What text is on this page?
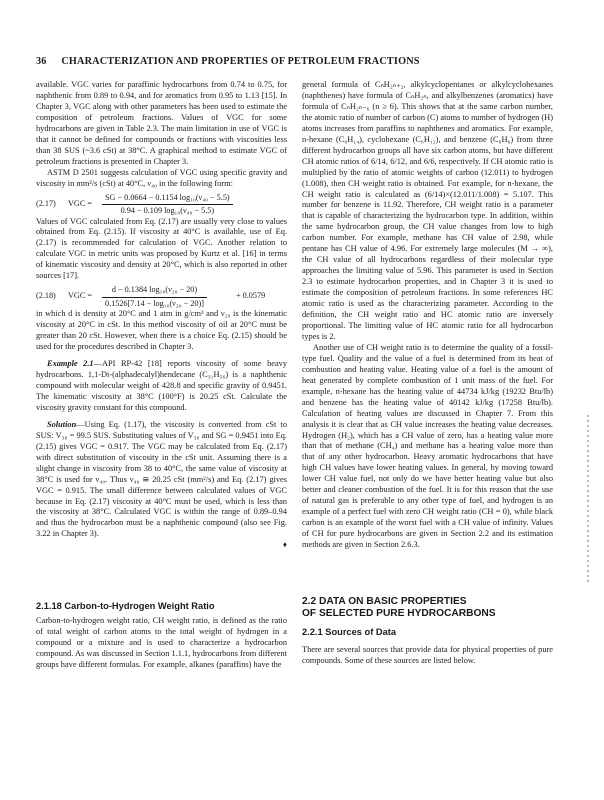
36 CHARACTERIZATION AND PROPERTIES OF PETROLEUM FRACTIONS

available. VGC varies for paraffinic hydrocarbons from 0.74 to 0.75, for naphthenic from 0.89 to 0.94, and for aromatics from 0.95 to 1.13 [15]. In Chapter 3, VGC along with other parameters has been used to estimate the composition of petroleum fractions. Values of VGC for some hydrocarbons are given in Table 2.3. The main limitation in use of VGC is that it cannot be defined for compounds or fractions with viscosities less than 38 SUS (~3.6 cSt) at 38°C. A graphical method to estimate VGC of petroleum fractions is presented in Chapter 3.

ASTM D 2501 suggests calculation of VGC using specific gravity and viscosity in mm²/s (cSt) at 40°C, ν₄₀ in the following form:

(2.17) VGC = $\frac{\text{SG − 0.0664 − 0.1154 log₁₀(ν₄₀ − 5.5)}}{\text{0.94 − 0.109 log₁₀(ν₄₀ − 5.5)}}$

Values of VGC calculated from Eq. (2.17) are usually very close to values obtained from Eq. (2.15). If viscosity at 40°C is available, use of Eq. (2.17) is recommended for calculation of VGC. Another relation to calculate VGC in metric units was proposed by Kurtz et al. [16] in terms of kinematic viscosity and density at 20°C, which is also reported in other sources [17].

(2.18) VGC = $\frac{\text{d − 0.1384 log₁₀(ν₂₀ − 20)}}{\text{0.1526[7.14 − log₁₀(ν₂₀ − 20)]}}$	+ 0.0579

in which d is density at 20°C and 1 atm in g/cm³ and ν₂₀ is the kinematic viscosity at 20°C in cSt. In this method viscosity of oil at 20°C must be greater than 20 cSt. However, when there is a choice Eq. (2.15) should be used for the procedures described in Chapter 3.

Example 2.1—API RP-42 [18] reports viscosity of some heavy hydrocarbons. 1,1-Di-(alphadecalyl)hendecane (C₃₁H₅₆) is a naphthenic compound with molecular weight of 428.8 and specific gravity of 0.9451. The kinematic viscosity at 38°C (100°F) is 20.25 cSt. Calculate the viscosity gravity constant for this compound.

Solution—Using Eq. (1.17), the viscosity is converted from cSt to SUS: V₃₈ = 99.5 SUS. Substituting values of V₃₈ and SG = 0.9451 into Eq. (2.15) gives VGC = 0.917. The VGC may be calculated from Eq. (2.17) with direct substitution of viscosity in the cSt unit. Assuming there is a slight change in viscosity from 38 to 40°C, the same value of viscosity at 38°C is used for ν₄₀. Thus ν₄₀ ≅ 20.25 cSt (mm²/s) and Eq. (2.17) gives VGC = 0.915. The small difference between calculated values of VGC because in Eq. (2.17) viscosity at 40°C must be used, which is less than the viscosity at 38°C. Calculated VGC is within the range of 0.89–0.94 and thus the hydrocarbon must be a naphthenic compound (also see Fig. 3.22 in Chapter 3).

♦

general formula of CₙH₂ₙ₊₂, alkylcyclopentanes or alkylcyclohexanes (naphthenes) have formula of CₙH₂ₙ, and alkylbenzenes (aromatics) have formula of CₙH₂ₙ₋₆ (n ≥ 6). This shows that at the same carbon number, the atomic ratio of number of carbon (C) atoms to number of hydrogen (H) atoms increases from paraffins to naphthenes and aromatics. For example, n-hexane (C₆H₁₄), cyclohexane (C₆H₁₂), and benzene (C₆H₆) from three different hydrocarbon groups all have six carbon atoms, but have different CH atomic ratios of 6/14, 6/12, and 6/6, respectively. If CH atomic ratio is multiplied by the ratio of atomic weights of carbon (12.011) to hydrogen (1.008), then CH weight ratio is obtained. For example, for n-hexane, the CH weight ratio is calculated as (6/14)×(12.011/1.008) = 5.107. This number for benzene is 11.92. Therefore, CH weight ratio is a parameter that is capable of characterizing the hydrocarbon type. In addition, within the same hydrocarbon group, the CH value changes from low to high carbon number. For example, methane has CH value of 2.98, while pentane has CH value of 4.96. For extremely large molecules (M → ∞), the CH value of all hydrocarbons regardless of their molecular type approaches the limiting value of 5.96. This parameter is used in Section 2.3 to estimate hydrocarbon properties, and in Chapter 3 it is used to estimate the composition of petroleum fractions. In some references HC atomic ratio is used as the characterizing parameter. According to the definition, the CH weight ratio and HC atomic ratio are inversely proportional. The limiting value of HC atomic ratio for all hydrocarbon types is 2.

Another use of CH weight ratio is to determine the quality of a fossil-type fuel. Quality and the value of a fuel is determined from its heat of combustion and heating value. Heating value of a fuel is the amount of heat generated by complete combustion of 1 unit mass of the fuel. For example, n-hexane has the heating value of 44734 kJ/kg (19232 Btu/lb) and benzene has the heating value of 40142 kJ/kg (17258 Btu/lb). Calculation of heating values are discussed in Chapter 7. From this analysis it is clear that as CH value increases the heating value decreases. Hydrogen (H₂), which has a CH value of zero, has a heating value more than that of methane (CH₄) and methane has a heating value more than that of any other hydrocarbon. Heavy aromatic hydrocarbons that have high CH values have lower heating values. In general, by moving toward lower CH value fuel, not only do we have better heating value but also better and cleaner combustion of the fuel. It is for this reason that the use of natural gas is preferable to any other type of fuel, and hydrogen is an example of a perfect fuel with zero CH weight ratio (CH = 0), while black carbon is an example of the worst fuel with a CH value of infinity. Values of CH for pure hydrocarbons are given in Section 2.2 and its estimation methods are given in Section 2.6.3.

2.1.18 Carbon-to-Hydrogen Weight Ratio

Carbon-to-hydrogen weight ratio, CH weight ratio, is defined as the ratio of total weight of carbon atoms to the total weight of hydrogen in a compound or a mixture and is used to characterize a hydrocarbon compound. As was discussed in Section 1.1.1, hydrocarbons from different groups have different formulas. For example, alkanes (paraffins) have the

2.2 DATA ON BASIC PROPERTIES
OF SELECTED PURE HYDROCARBONS
2.2.1 Sources of Data

There are several sources that provide data for physical properties of pure compounds. Some of these sources are listed below.
